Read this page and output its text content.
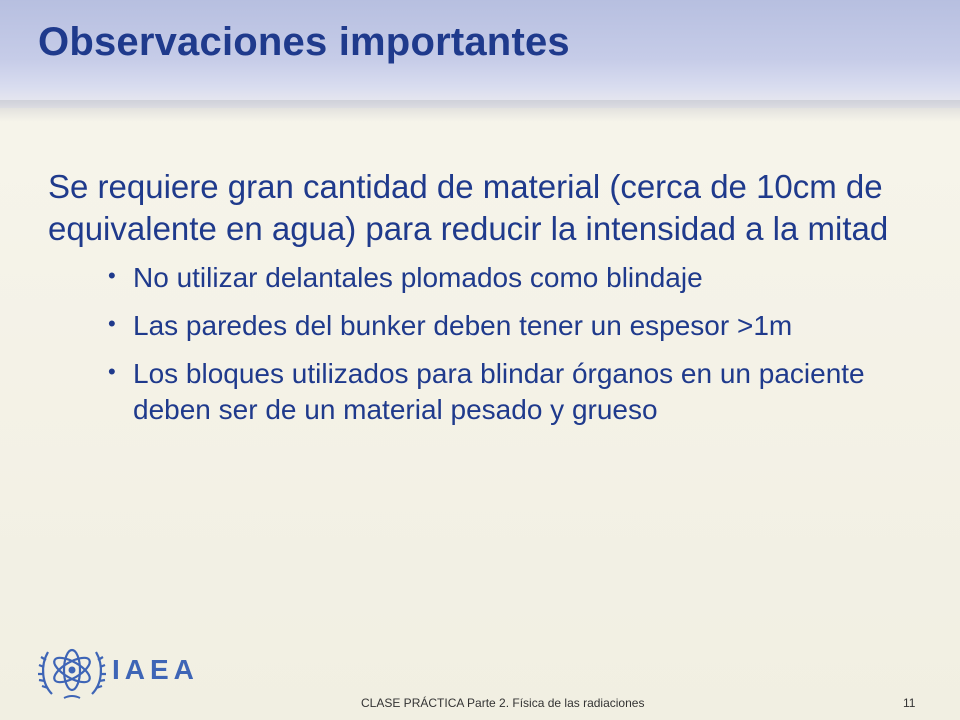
Observaciones importantes

Se requiere gran cantidad de material (cerca de 10cm de equivalente en agua) para reducir la intensidad a la mitad

• No utilizar delantales plomados como blindaje
• Las paredes del bunker deben tener un espesor >1m
• Los bloques utilizados para blindar órganos en un paciente deben ser de un material pesado y grueso
IAEA
CLASE PRÁCTICA Parte 2. Física de las radiaciones	11
